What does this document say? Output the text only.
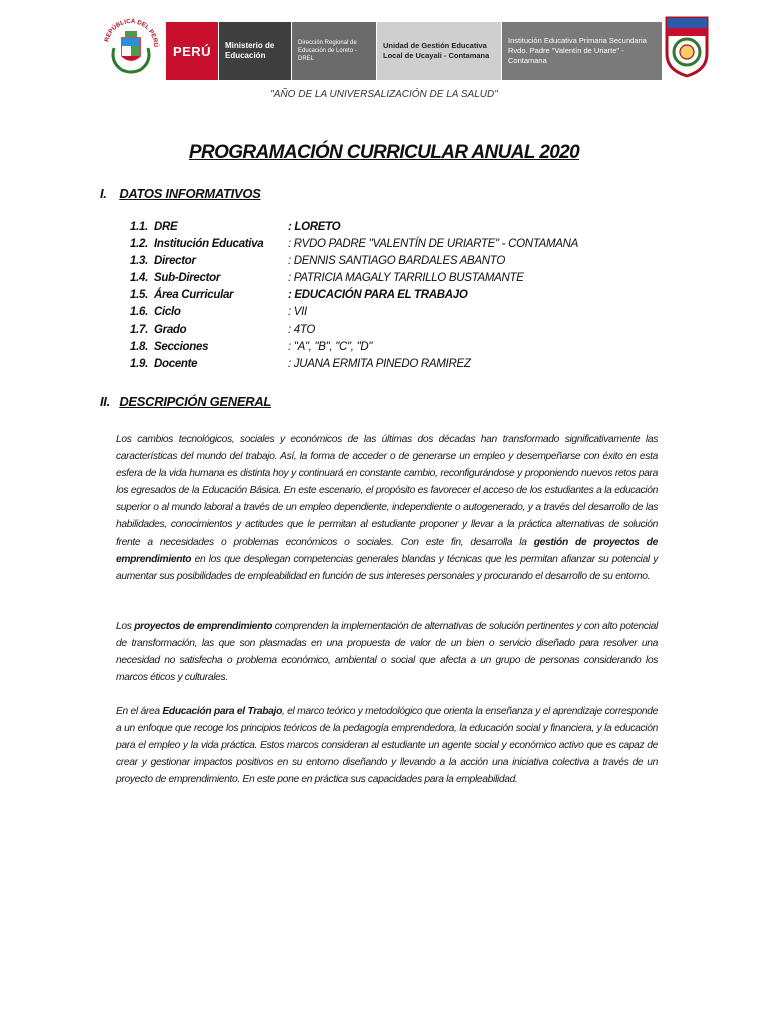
REPÚBLICA DEL PERÚ	PERÚ	Ministerio de Educación
Dirección Regional de Educación de Loreto - DREL
Unidad de Gestión Educativa Local de Ucayali - Contamana
Institución Educativa Primaria Secundaria Rvdo. Padre "Valentín de Uriarte" - Contamana
"AÑO DE LA UNIVERSALIZACIÓN DE LA SALUD"
PROGRAMACIÓN CURRICULAR ANUAL 2020
I. DATOS INFORMATIVOS
1.1. DRE	: LORETO
1.2. Institución Educativa	: RVDO PADRE "VALENTÍN DE URIARTE" - CONTAMANA
1.3. Director	: DENNIS SANTIAGO BARDALES ABANTO
1.4. Sub-Director	: PATRICIA MAGALY TARRILLO BUSTAMANTE
1.5. Área Curricular	: EDUCACIÓN PARA EL TRABAJO
1.6. Ciclo	: VII
1.7. Grado	: 4TO
1.8. Secciones	: "A", "B", "C", "D"
1.9. Docente	: JUANA ERMITA PINEDO RAMIREZ
II. DESCRIPCIÓN GENERAL
Los cambios tecnológicos, sociales y económicos de las últimas dos décadas han transformado significativamente las características del mundo del trabajo. Así, la forma de acceder o de generarse un empleo y desempeñarse con éxito en esta esfera de la vida humana es distinta hoy y continuará en constante cambio, reconfigurándose y proponiendo nuevos retos para los egresados de la Educación Básica. En este escenario, el propósito es favorecer el acceso de los estudiantes a la educación superior o al mundo laboral a través de un empleo dependiente, independiente o autogenerado, y a través del desarrollo de las habilidades, conocimientos y actitudes que le permitan al estudiante proponer y llevar a la práctica alternativas de solución frente a necesidades o problemas económicos o sociales. Con este fin, desarrolla la gestión de proyectos de emprendimiento en los que despliegan competencias generales blandas y técnicas que les permitan afianzar su potencial y aumentar sus posibilidades de empleabilidad en función de sus intereses personales y procurando el desarrollo de su entorno.
Los proyectos de emprendimiento comprenden la implementación de alternativas de solución pertinentes y con alto potencial de transformación, las que son plasmadas en una propuesta de valor de un bien o servicio diseñado para resolver una necesidad no satisfecha o problema económico, ambiental o social que afecta a un grupo de personas considerando los marcos éticos y culturales.
En el área Educación para el Trabajo, el marco teórico y metodológico que orienta la enseñanza y el aprendizaje corresponde a un enfoque que recoge los principios teóricos de la pedagogía emprendedora, la educación social y financiera, y la educación para el empleo y la vida práctica. Estos marcos consideran al estudiante un agente social y económico activo que es capaz de crear y gestionar impactos positivos en su entorno diseñando y llevando a la acción una iniciativa colectiva a través de un proyecto de emprendimiento. En este pone en práctica sus capacidades para la empleabilidad.
